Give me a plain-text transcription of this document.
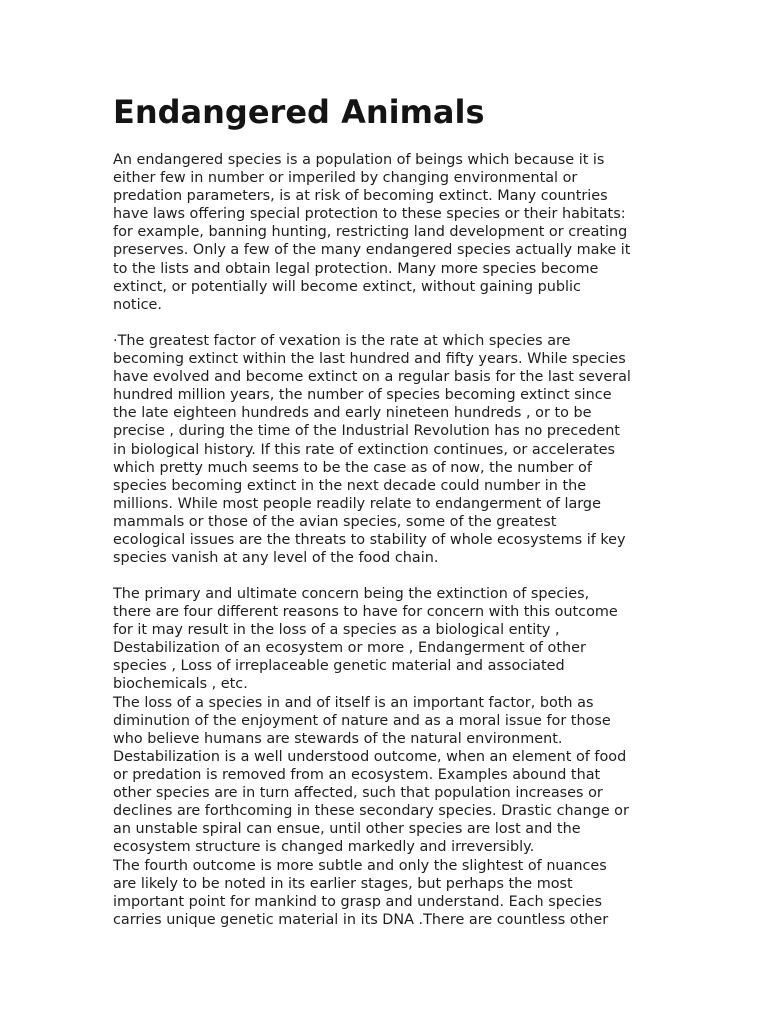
Endangered Animals

An endangered species is a population of beings which because it is
either few in number or imperiled by changing environmental or
predation parameters, is at risk of becoming extinct. Many countries
have laws offering special protection to these species or their habitats:
for example, banning hunting, restricting land development or creating
preserves. Only a few of the many endangered species actually make it
to the lists and obtain legal protection. Many more species become
extinct, or potentially will become extinct, without gaining public
notice.

·The greatest factor of vexation is the rate at which species are
becoming extinct within the last hundred and fifty years. While species
have evolved and become extinct on a regular basis for the last several
hundred million years, the number of species becoming extinct since
the late eighteen hundreds and early nineteen hundreds , or to be
precise , during the time of the Industrial Revolution has no precedent
in biological history. If this rate of extinction continues, or accelerates
which pretty much seems to be the case as of now, the number of
species becoming extinct in the next decade could number in the
millions. While most people readily relate to endangerment of large
mammals or those of the avian species, some of the greatest
ecological issues are the threats to stability of whole ecosystems if key
species vanish at any level of the food chain.

The primary and ultimate concern being the extinction of species,
there are four different reasons to have for concern with this outcome
for it may result in the loss of a species as a biological entity ,
Destabilization of an ecosystem or more , Endangerment of other
species , Loss of irreplaceable genetic material and associated
biochemicals , etc.

The loss of a species in and of itself is an important factor, both as
diminution of the enjoyment of nature and as a moral issue for those
who believe humans are stewards of the natural environment.

Destabilization is a well understood outcome, when an element of food
or predation is removed from an ecosystem. Examples abound that
other species are in turn affected, such that population increases or
declines are forthcoming in these secondary species. Drastic change or
an unstable spiral can ensue, until other species are lost and the
ecosystem structure is changed markedly and irreversibly.

The fourth outcome is more subtle and only the slightest of nuances
are likely to be noted in its earlier stages, but perhaps the most
important point for mankind to grasp and understand. Each species
carries unique genetic material in its DNA .There are countless other
